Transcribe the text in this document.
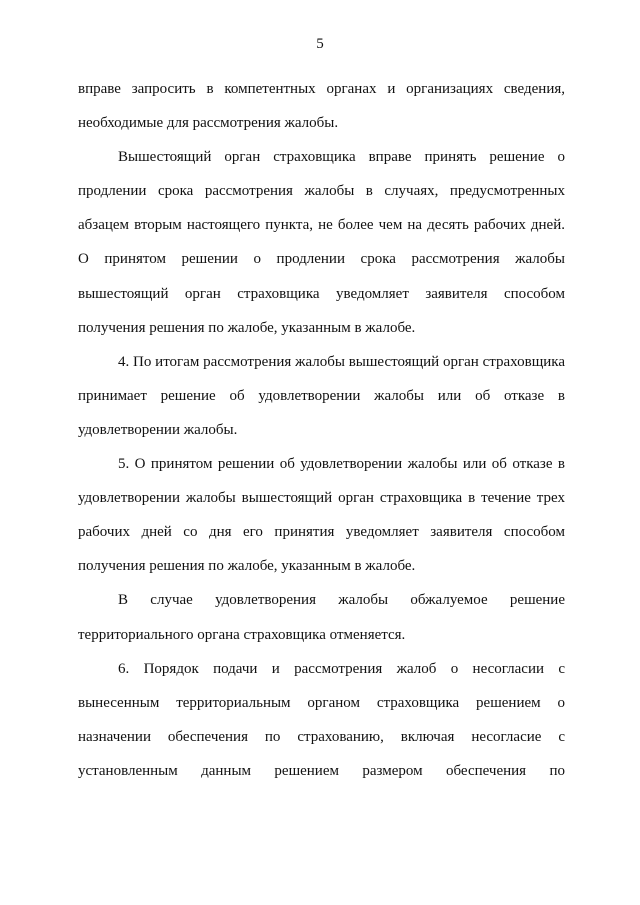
5

вправе запросить в компетентных органах и организациях сведения, необходимые для рассмотрения жалобы.

Вышестоящий орган страховщика вправе принять решение о продлении срока рассмотрения жалобы в случаях, предусмотренных абзацем вторым настоящего пункта, не более чем на десять рабочих дней. О принятом решении о продлении срока рассмотрения жалобы вышестоящий орган страховщика уведомляет заявителя способом получения решения по жалобе, указанным в жалобе.

4. По итогам рассмотрения жалобы вышестоящий орган страховщика принимает решение об удовлетворении жалобы или об отказе в удовлетворении жалобы.

5. О принятом решении об удовлетворении жалобы или об отказе в удовлетворении жалобы вышестоящий орган страховщика в течение трех рабочих дней со дня его принятия уведомляет заявителя способом получения решения по жалобе, указанным в жалобе.

В случае удовлетворения жалобы обжалуемое решение территориального органа страховщика отменяется.

6. Порядок подачи и рассмотрения жалоб о несогласии с вынесенным территориальным органом страховщика решением о назначении обеспечения по страхованию, включая несогласие с установленным данным решением размером обеспечения по
